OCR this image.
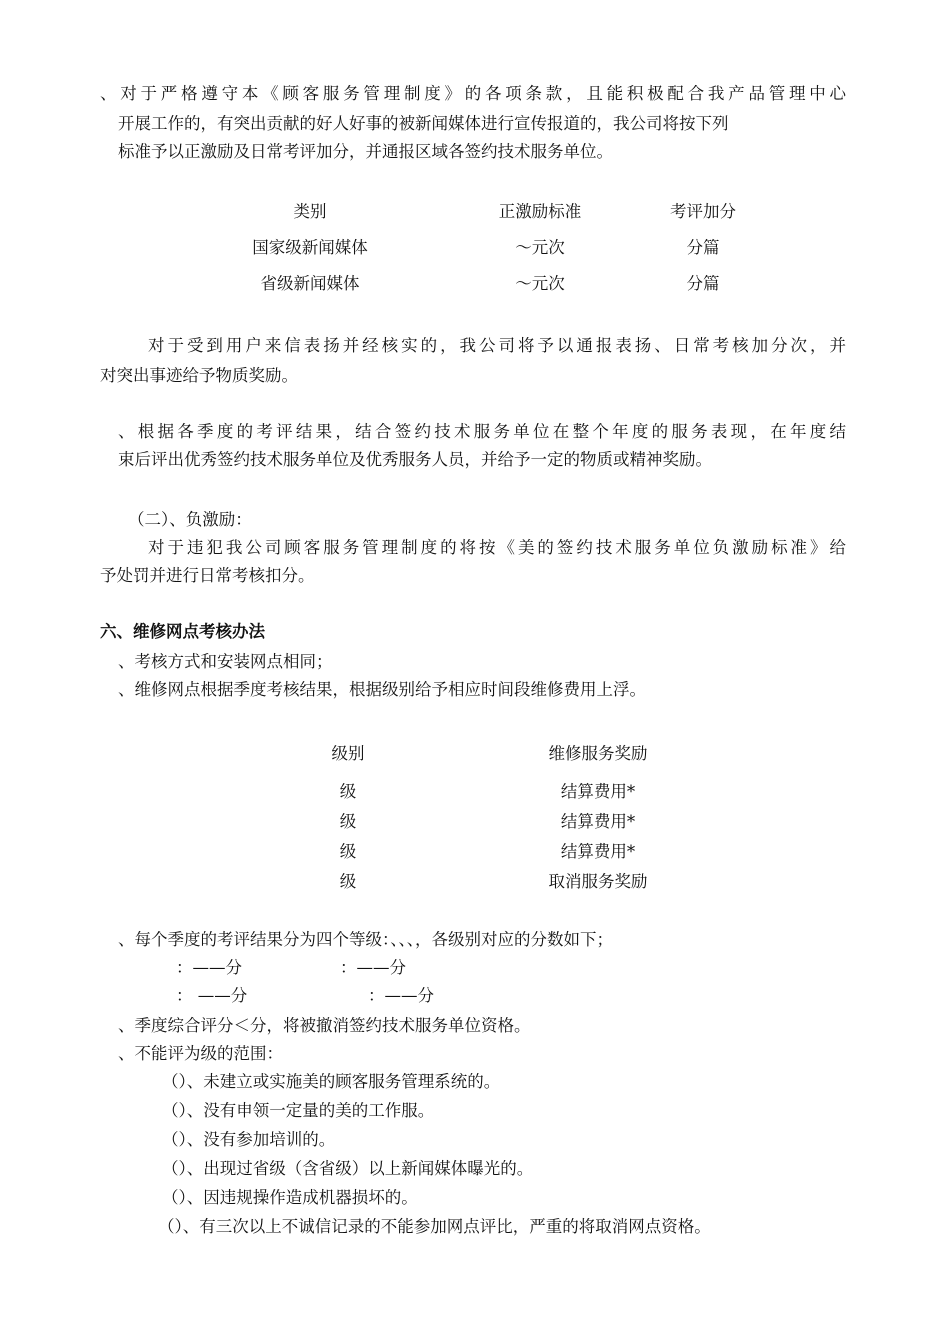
、对于严格遵守本《顾客服务管理制度》的各项条款，且能积极配合我产品管理中心
开展工作的，有突出贡献的好人好事的被新闻媒体进行宣传报道的，我公司将按下列
标准予以正激励及日常考评加分，并通报区域各签约技术服务单位。
类别	正激励标准	考评加分
国家级新闻媒体	～元次	分篇
省级新闻媒体	～元次	分篇
对于受到用户来信表扬并经核实的，我公司将予以通报表扬、日常考核加分次，并
对突出事迹给予物质奖励。
、根据各季度的考评结果，结合签约技术服务单位在整个年度的服务表现，在年度结
束后评出优秀签约技术服务单位及优秀服务人员，并给予一定的物质或精神奖励。
（二）、负激励：
对于违犯我公司顾客服务管理制度的将按《美的签约技术服务单位负激励标准》给
予处罚并进行日常考核扣分。
六、维修网点考核办法
、考核方式和安装网点相同；
、维修网点根据季度考核结果，根据级别给予相应时间段维修费用上浮。
级别	维修服务奖励
级	结算费用*
级	结算费用*
级	结算费用*
级	取消服务奖励
、每个季度的考评结果分为四个等级：、、、，各级别对应的分数如下；
：——分	：——分
： ——分	：——分
、季度综合评分＜分，将被撤消签约技术服务单位资格。
、不能评为级的范围：
（）、未建立或实施美的顾客服务管理系统的。
（）、没有申领一定量的美的工作服。
（）、没有参加培训的。
（）、出现过省级（含省级）以上新闻媒体曝光的。
（）、因违规操作造成机器损坏的。
（）、有三次以上不诚信记录的不能参加网点评比，严重的将取消网点资格。
